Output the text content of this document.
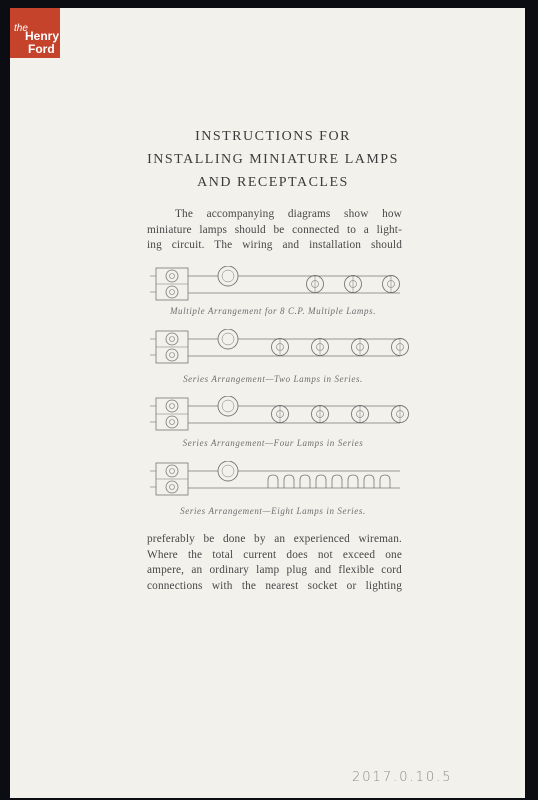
the
Henry
Ford
INSTRUCTIONS FOR
INSTALLING MINIATURE LAMPS
AND RECEPTACLES
The accompanying diagrams show how
miniature lamps should be connected to a light-
ing circuit. The wiring and installation should
Multiple Arrangement for 8 C.P. Multiple Lamps.
Series Arrangement—Two Lamps in Series.
Series Arrangement—Four Lamps in Series
Series Arrangement—Eight Lamps in Series.
preferably be done by an experienced wireman.
Where the total current does not exceed one
ampere, an ordinary lamp plug and flexible cord
connections with the nearest socket or lighting
2017.0.10.5
